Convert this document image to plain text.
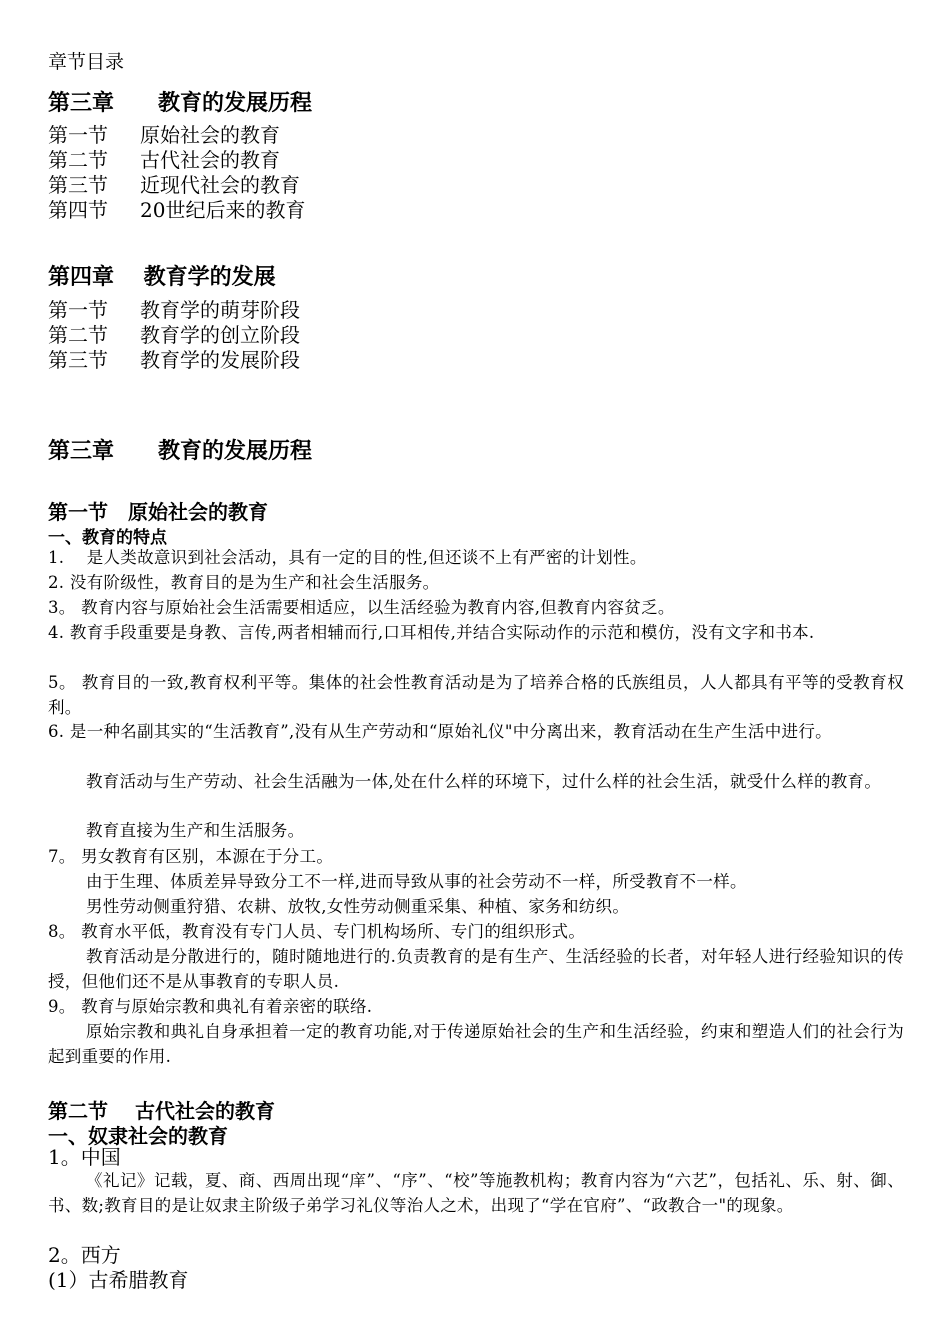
章节目录
第三章　　教育的发展历程
第一节 原始社会的教育
第二节 古代社会的教育
第三节 近现代社会的教育
第四节 20世纪后来的教育
第四章　 教育学的发展
第一节 教育学的萌芽阶段
第二节 教育学的创立阶段
第三节 教育学的发展阶段
第三章　　教育的发展历程
第一节　原始社会的教育
一、教育的特点
1.　 是人类故意识到社会活动，具有一定的目的性,但还谈不上有严密的计划性。
2. 没有阶级性，教育目的是为生产和社会生活服务。
3。 教育内容与原始社会生活需要相适应，以生活经验为教育内容,但教育内容贫乏。
4. 教育手段重要是身教、言传,两者相辅而行,口耳相传,并结合实际动作的示范和模仿，没有文字和书本.
5。 教育目的一致,教育权利平等。集体的社会性教育活动是为了培养合格的氏族组员，人人都具有平等的受教育权利。
6. 是一种名副其实的“生活教育”,没有从生产劳动和“原始礼仪"中分离出来，教育活动在生产生活中进行。
教育活动与生产劳动、社会生活融为一体,处在什么样的环境下，过什么样的社会生活，就受什么样的教育。
教育直接为生产和生活服务。
7。 男女教育有区别，本源在于分工。
由于生理、体质差异导致分工不一样,进而导致从事的社会劳动不一样，所受教育不一样。
男性劳动侧重狩猎、农耕、放牧,女性劳动侧重采集、种植、家务和纺织。
8。 教育水平低，教育没有专门人员、专门机构场所、专门的组织形式。
教育活动是分散进行的，随时随地进行的.负责教育的是有生产、生活经验的长者，对年轻人进行经验知识的传授，但他们还不是从事教育的专职人员.
9。 教育与原始宗教和典礼有着亲密的联络.
原始宗教和典礼自身承担着一定的教育功能,对于传递原始社会的生产和生活经验，约束和塑造人们的社会行为起到重要的作用.
第二节　 古代社会的教育
一、奴隶社会的教育
1。中国
《礼记》记载，夏、商、西周出现“庠”、“序”、“校”等施教机构；教育内容为“六艺”，包括礼、乐、射、御、书、数;教育目的是让奴隶主阶级子弟学习礼仪等治人之术，出现了“学在官府”、“政教合一"的现象。
2。西方
(1）古希腊教育
